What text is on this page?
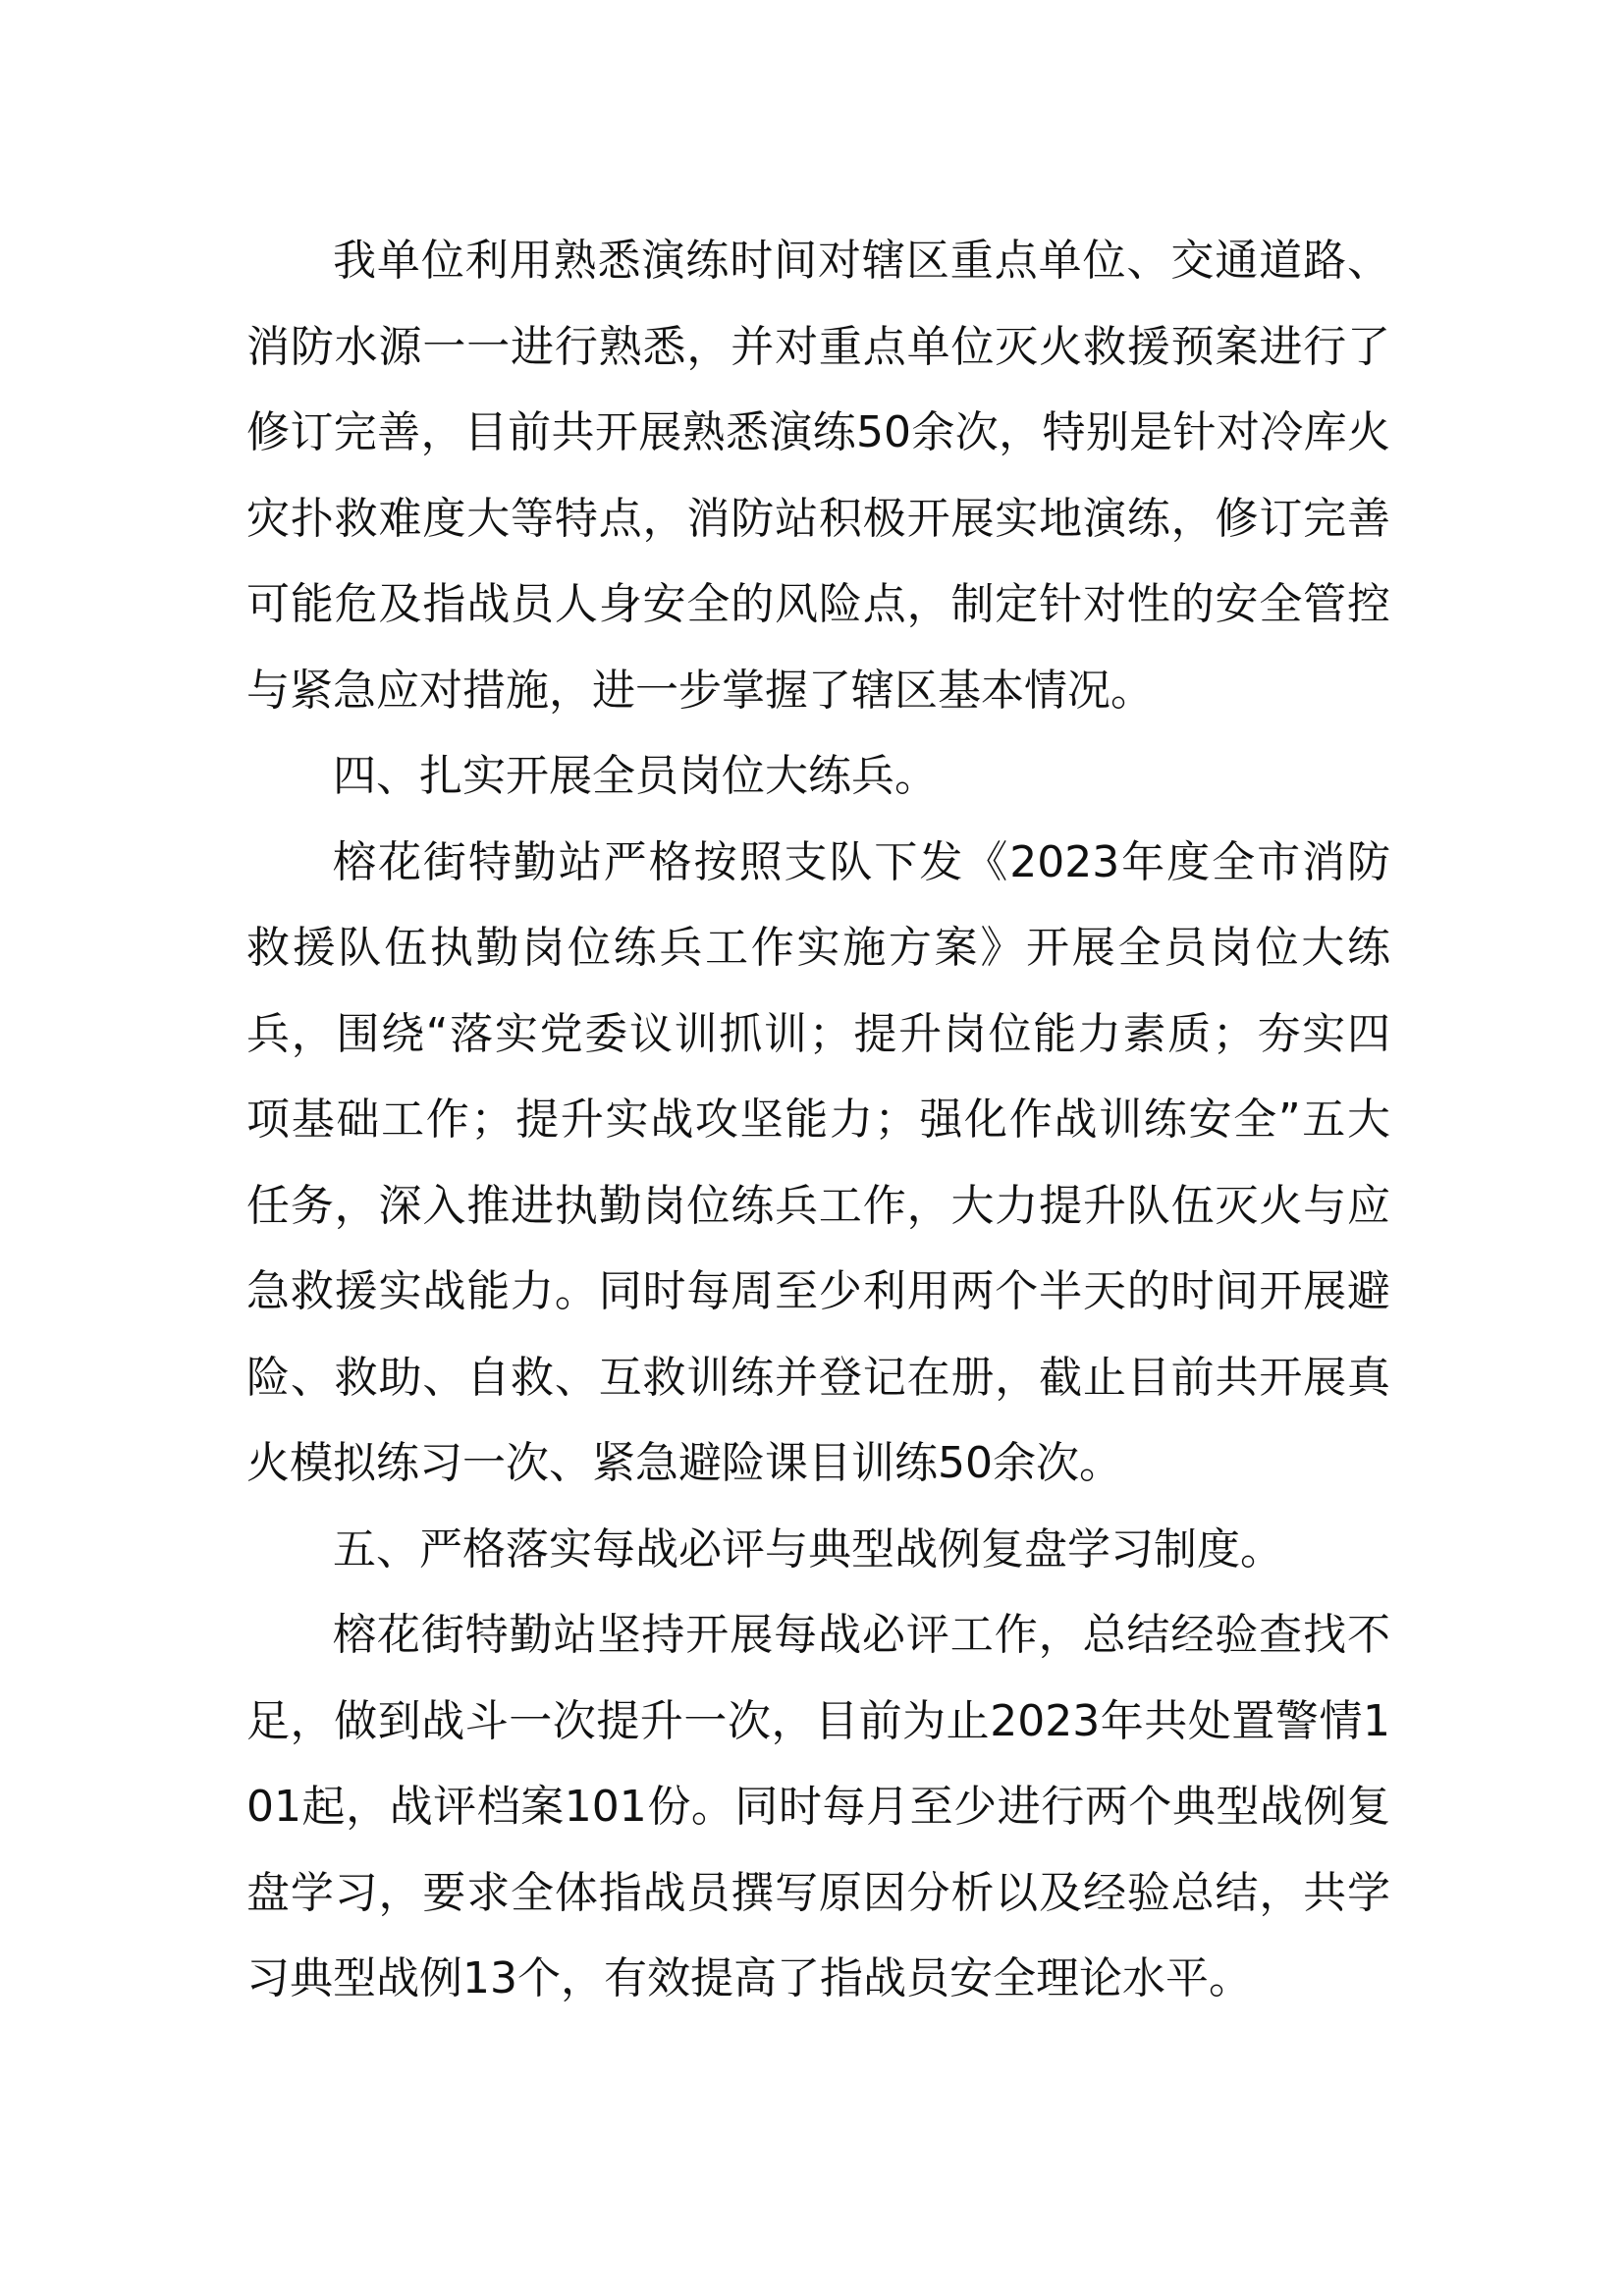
我单位利用熟悉演练时间对辖区重点单位、交通道路、消防水源一一进行熟悉，并对重点单位灭火救援预案进行了修订完善，目前共开展熟悉演练50余次，特别是针对冷库火灾扑救难度大等特点，消防站积极开展实地演练，修订完善可能危及指战员人身安全的风险点，制定针对性的安全管控与紧急应对措施，进一步掌握了辖区基本情况。

四、扎实开展全员岗位大练兵。

榕花街特勤站严格按照支队下发《2023年度全市消防救援队伍执勤岗位练兵工作实施方案》开展全员岗位大练兵，围绕“落实党委议训抓训；提升岗位能力素质；夯实四项基础工作；提升实战攻坚能力；强化作战训练安全”五大任务，深入推进执勤岗位练兵工作，大力提升队伍灭火与应急救援实战能力。同时每周至少利用两个半天的时间开展避险、救助、自救、互救训练并登记在册，截止目前共开展真火模拟练习一次、紧急避险课目训练50余次。

五、严格落实每战必评与典型战例复盘学习制度。

榕花街特勤站坚持开展每战必评工作，总结经验查找不足，做到战斗一次提升一次，目前为止2023年共处置警情101起，战评档案101份。同时每月至少进行两个典型战例复盘学习，要求全体指战员撰写原因分析以及经验总结，共学习典型战例13个，有效提高了指战员安全理论水平。
